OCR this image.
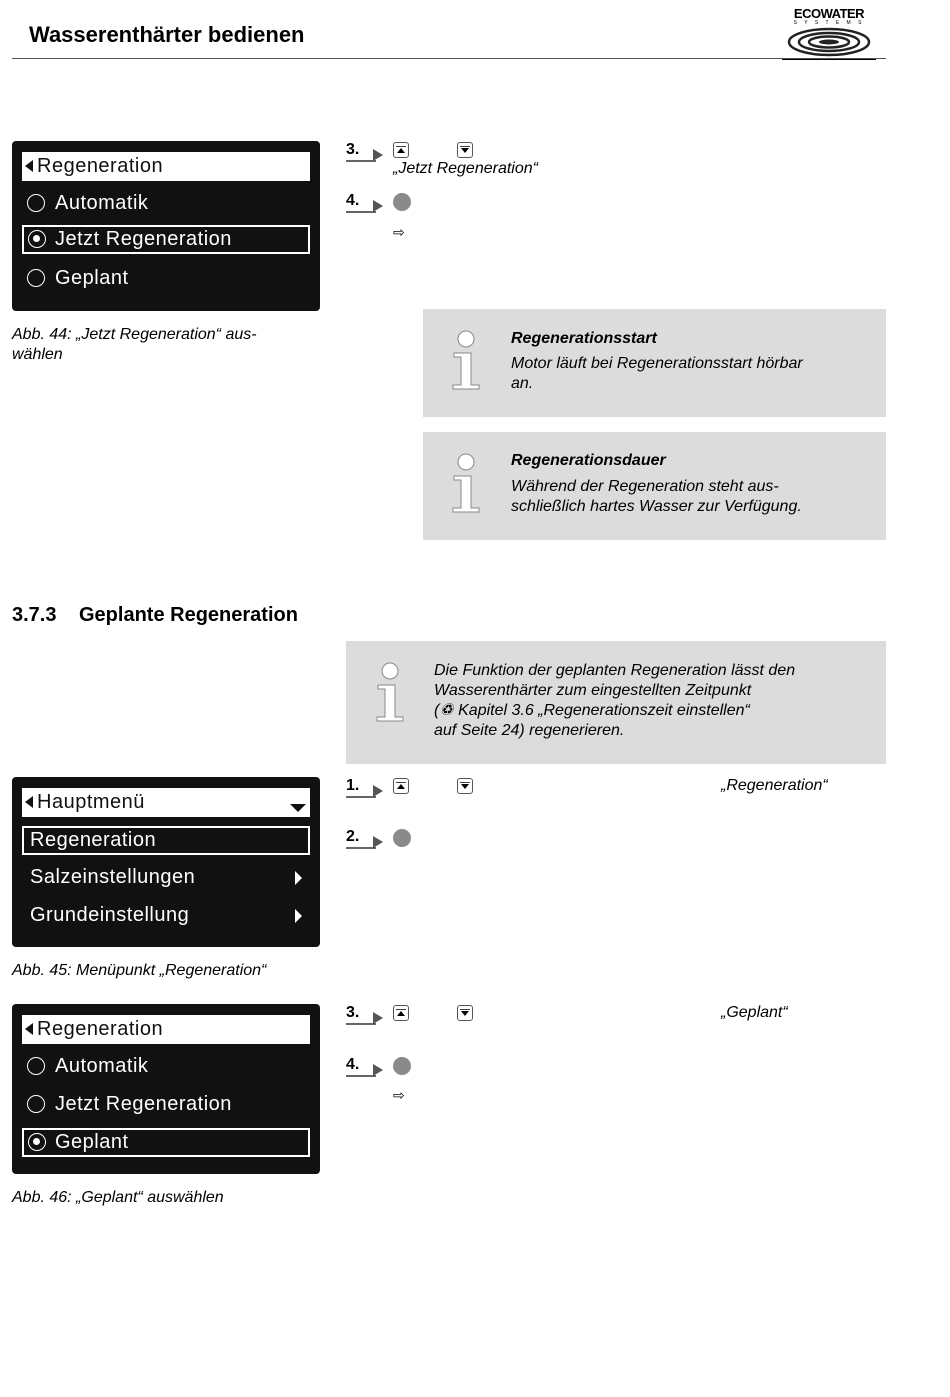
Wasserenthärter bedienen
ECOWATER
S Y S T E M S
Regeneration
Automatik
Jetzt Regeneration
Geplant
Abb. 44: „Jetzt Regeneration“ aus-
wählen
3.
„Jetzt Regeneration“
4.
⇨
Regenerationsstart
Motor läuft bei Regenerationsstart hörbar
an.
Regenerationsdauer
Während der Regeneration steht aus-
schließlich hartes Wasser zur Verfügung.
3.7.3 Geplante Regeneration
Die Funktion der geplanten Regeneration lässt den
Wasserenthärter zum eingestellten Zeitpunkt
(♽ Kapitel 3.6 „Regenerationszeit einstellen“
auf Seite 24) regenerieren.
Hauptmenü
Regeneration
Salzeinstellungen
Grundeinstellung
Abb. 45: Menüpunkt „Regeneration“
1.	„Regeneration“
2.
Regeneration
Automatik
Jetzt Regeneration
Geplant
Abb. 46: „Geplant“ auswählen
3.	„Geplant“
4.
⇨
